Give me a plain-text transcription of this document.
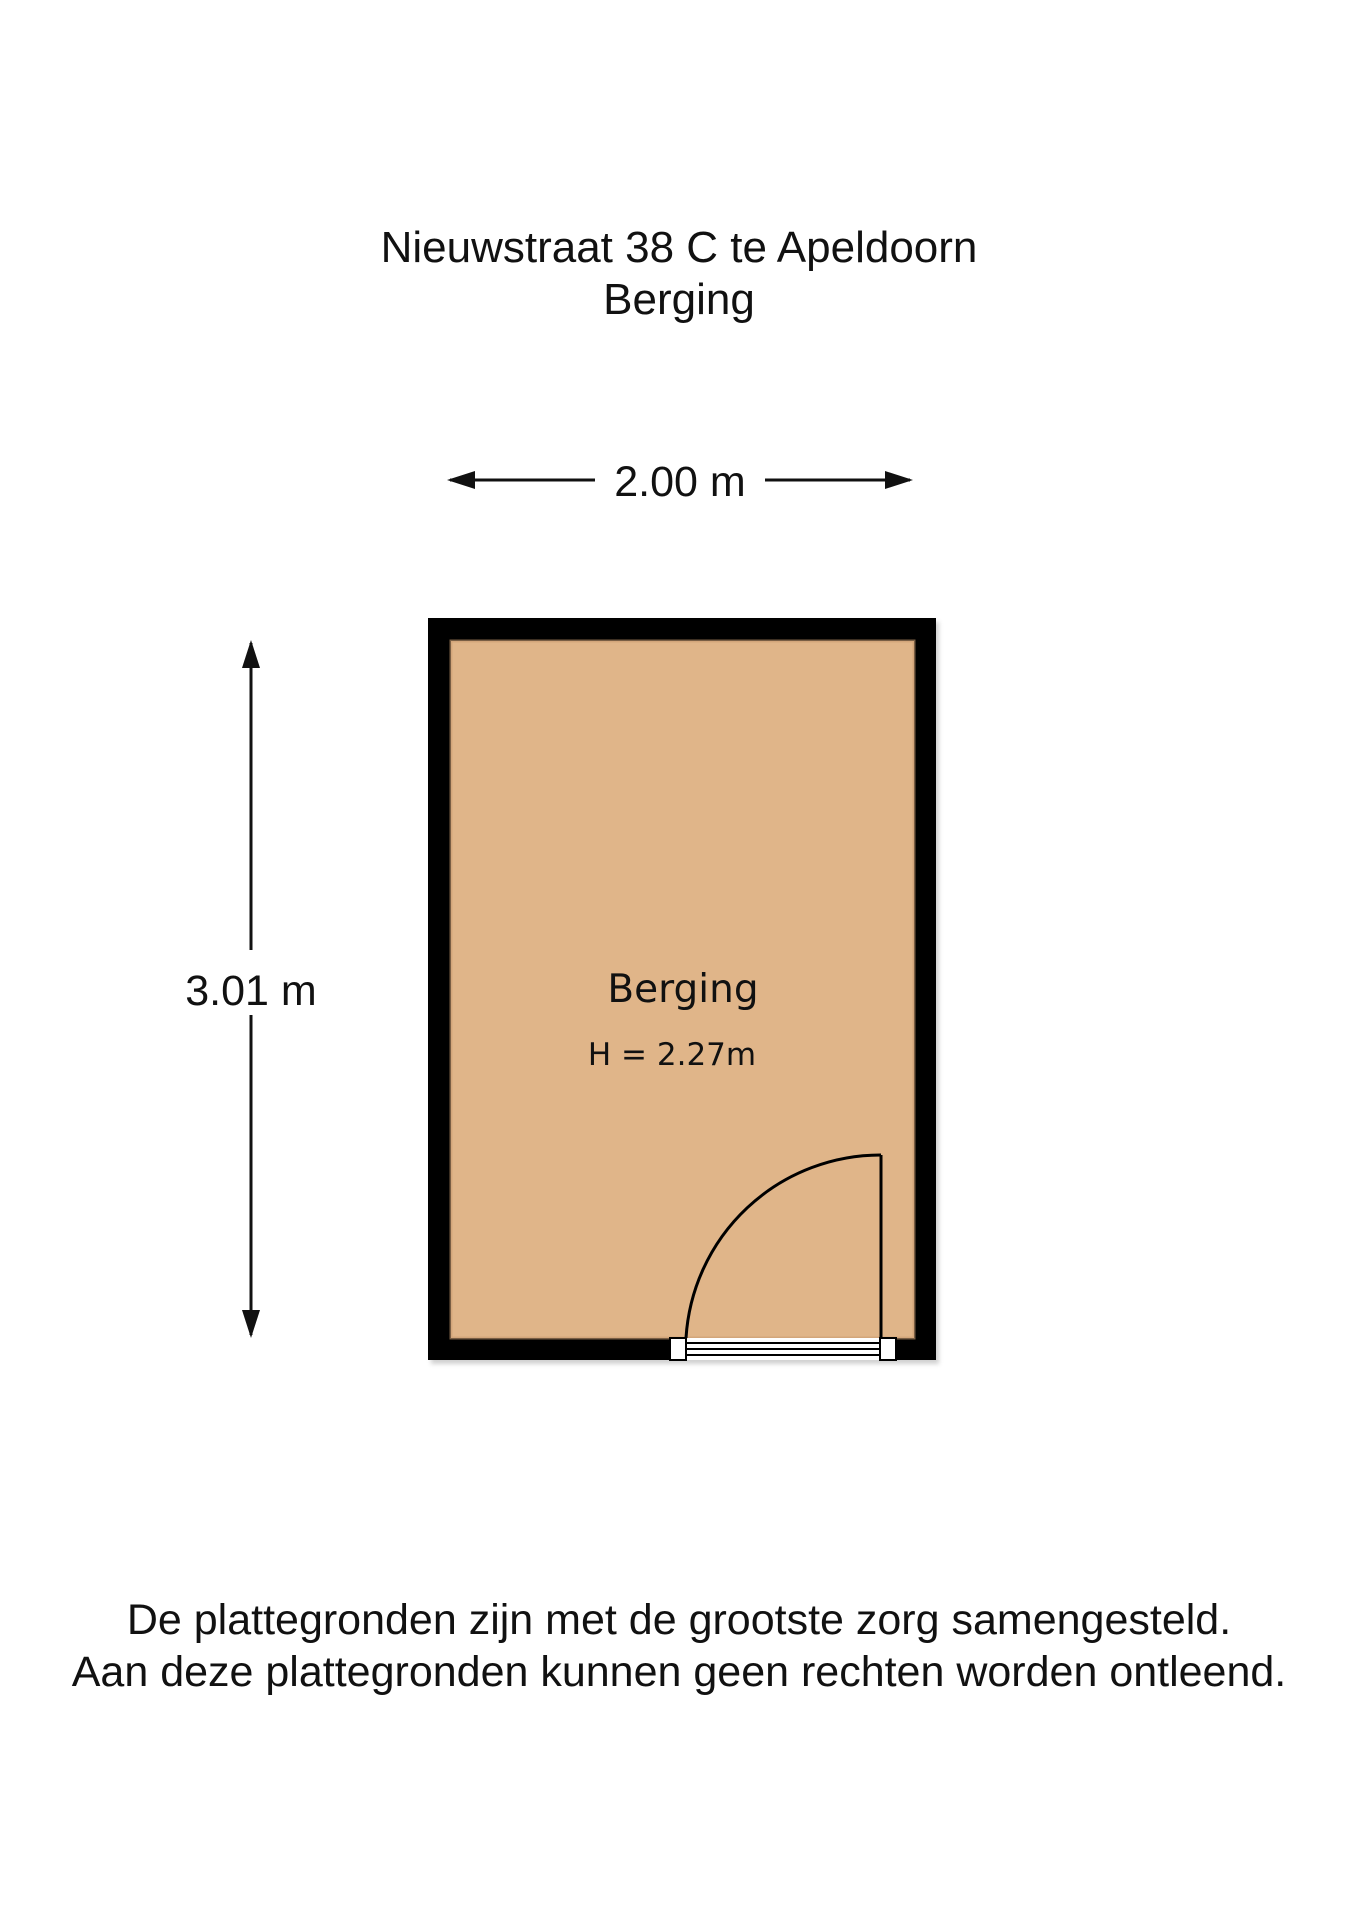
Nieuwstraat 38 C te Apeldoorn
Berging
2.00 m
3.01 m	Berging
H = 2.27m
De plattegronden zijn met de grootste zorg samengesteld.
Aan deze plattegronden kunnen geen rechten worden ontleend.
